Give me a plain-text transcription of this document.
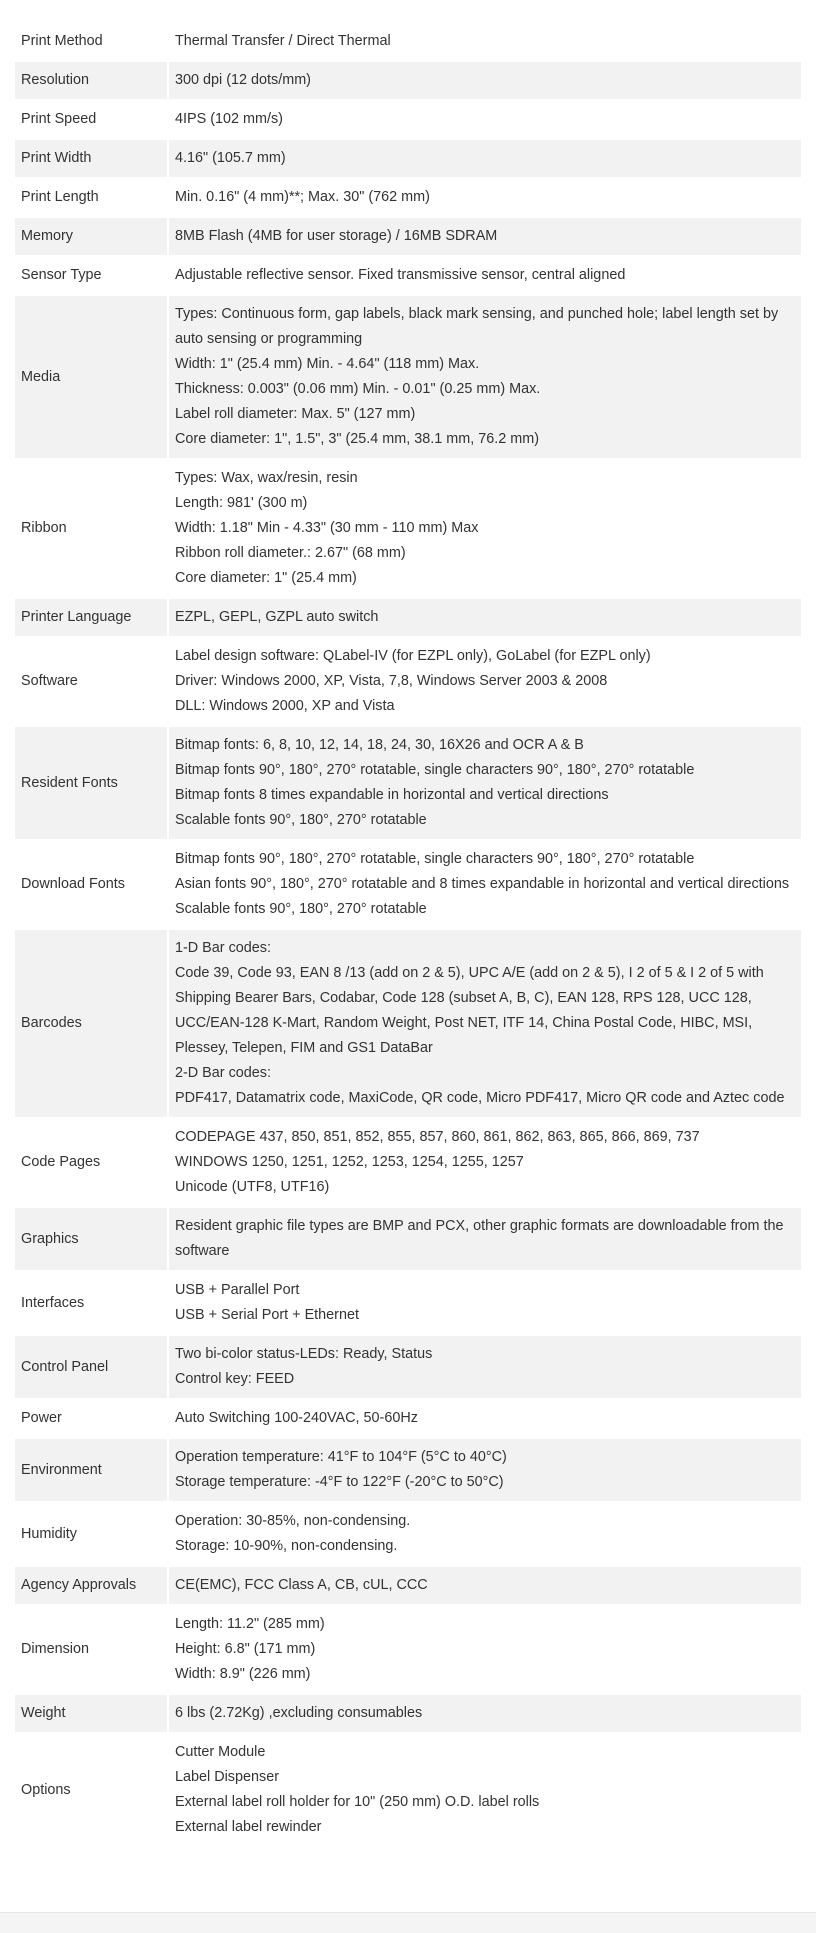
Print Method	Thermal Transfer / Direct Thermal

Resolution	300 dpi (12 dots/mm)

Print Speed	4IPS (102 mm/s)

Print Width	4.16" (105.7 mm)

Print Length	Min. 0.16" (4 mm)**; Max. 30" (762 mm)

Memory	8MB Flash (4MB for user storage) / 16MB SDRAM

Sensor Type	Adjustable reflective sensor. Fixed transmissive sensor, central aligned

Media	Types: Continuous form, gap labels, black mark sensing, and punched hole; label length set by auto sensing or programming
Width: 1" (25.4 mm) Min. - 4.64" (118 mm) Max.
Thickness: 0.003" (0.06 mm) Min. - 0.01" (0.25 mm) Max.
Label roll diameter: Max. 5" (127 mm)
Core diameter: 1", 1.5", 3" (25.4 mm, 38.1 mm, 76.2 mm)

Ribbon	Types: Wax, wax/resin, resin
Length: 981' (300 m)
Width: 1.18" Min - 4.33" (30 mm - 110 mm) Max
Ribbon roll diameter.: 2.67" (68 mm)
Core diameter: 1" (25.4 mm)

Printer Language	EZPL, GEPL, GZPL auto switch

Software	Label design software: QLabel-IV (for EZPL only), GoLabel (for EZPL only)
Driver: Windows 2000, XP, Vista, 7,8, Windows Server 2003 & 2008
DLL: Windows 2000, XP and Vista

Resident Fonts	Bitmap fonts: 6, 8, 10, 12, 14, 18, 24, 30, 16X26 and OCR A & B
Bitmap fonts 90°, 180°, 270° rotatable, single characters 90°, 180°, 270° rotatable
Bitmap fonts 8 times expandable in horizontal and vertical directions
Scalable fonts 90°, 180°, 270° rotatable

Download Fonts	Bitmap fonts 90°, 180°, 270° rotatable, single characters 90°, 180°, 270° rotatable
Asian fonts 90°, 180°, 270° rotatable and 8 times expandable in horizontal and vertical directions
Scalable fonts 90°, 180°, 270° rotatable

Barcodes	1-D Bar codes:
Code 39, Code 93, EAN 8 /13 (add on 2 & 5), UPC A/E (add on 2 & 5), I 2 of 5 & I 2 of 5 with Shipping Bearer Bars, Codabar, Code 128 (subset A, B, C), EAN 128, RPS 128, UCC 128, UCC/EAN-128 K-Mart, Random Weight, Post NET, ITF 14, China Postal Code, HIBC, MSI, Plessey, Telepen, FIM and GS1 DataBar
2-D Bar codes:
PDF417, Datamatrix code, MaxiCode, QR code, Micro PDF417, Micro QR code and Aztec code

Code Pages	CODEPAGE 437, 850, 851, 852, 855, 857, 860, 861, 862, 863, 865, 866, 869, 737
WINDOWS 1250, 1251, 1252, 1253, 1254, 1255, 1257
Unicode (UTF8, UTF16)

Graphics	Resident graphic file types are BMP and PCX, other graphic formats are downloadable from the software

Interfaces	USB + Parallel Port
USB + Serial Port + Ethernet

Control Panel	Two bi-color status-LEDs: Ready, Status
Control key: FEED

Power	Auto Switching 100-240VAC, 50-60Hz

Environment	Operation temperature: 41°F to 104°F (5°C to 40°C)
Storage temperature: -4°F to 122°F (-20°C to 50°C)

Humidity	Operation: 30-85%, non-condensing.
Storage: 10-90%, non-condensing.

Agency Approvals	CE(EMC), FCC Class A, CB, cUL, CCC

Dimension	Length: 11.2" (285 mm)
Height: 6.8" (171 mm)
Width: 8.9" (226 mm)

Weight	6 lbs (2.72Kg) ,excluding consumables

Options	Cutter Module
Label Dispenser
External label roll holder for 10" (250 mm) O.D. label rolls
External label rewinder
